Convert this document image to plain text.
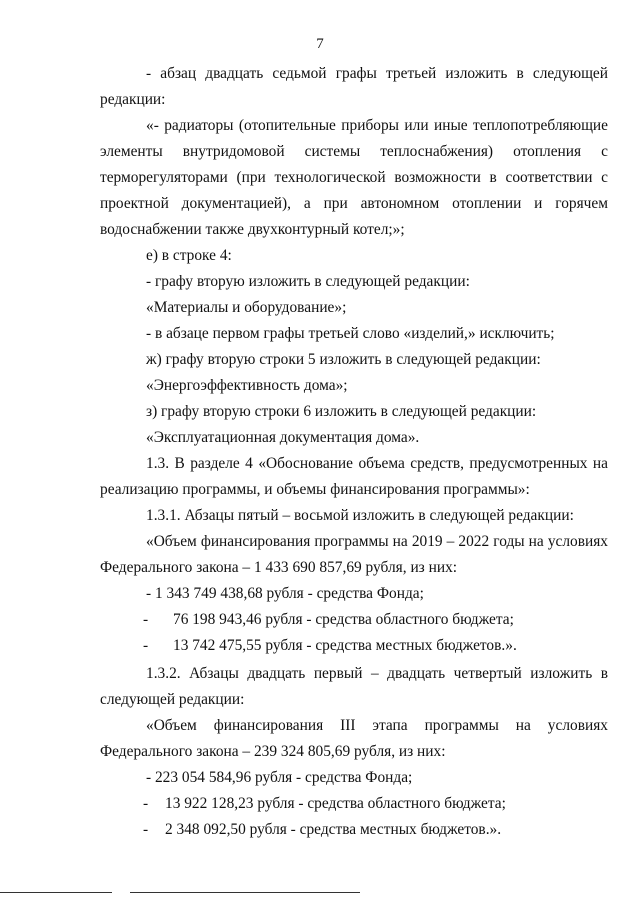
7
- абзац двадцать седьмой графы третьей изложить в следующей
редакции:
«- радиаторы (отопительные приборы или иные теплопотребляющие
элементы внутридомовой системы теплоснабжения) отопления с
терморегуляторами (при технологической возможности в соответствии с
проектной документацией), а при автономном отоплении и горячем
водоснабжении также двухконтурный котел;»;
е) в строке 4:
- графу вторую изложить в следующей редакции:
«Материалы и оборудование»;
- в абзаце первом графы третьей слово «изделий,» исключить;
ж) графу вторую строки 5 изложить в следующей редакции:
«Энергоэффективность дома»;
з) графу вторую строки 6 изложить в следующей редакции:
«Эксплуатационная документация дома».
1.3. В разделе 4 «Обоснование объема средств, предусмотренных на
реализацию программы, и объемы финансирования программы»:
1.3.1. Абзацы пятый – восьмой изложить в следующей редакции:
«Объем финансирования программы на 2019 – 2022 годы на условиях
Федерального закона – 1 433 690 857,69 рубля, из них:
- 1 343 749 438,68 рубля - средства Фонда;
- 76 198 943,46 рубля - средства областного бюджета;
- 13 742 475,55 рубля - средства местных бюджетов.».
1.3.2. Абзацы двадцать первый – двадцать четвертый изложить в
следующей редакции:
«Объем финансирования III этапа программы на условиях
Федерального закона – 239 324 805,69 рубля, из них:
- 223 054 584,96 рубля - средства Фонда;
- 13 922 128,23 рубля - средства областного бюджета;
- 2 348 092,50 рубля - средства местных бюджетов.».
